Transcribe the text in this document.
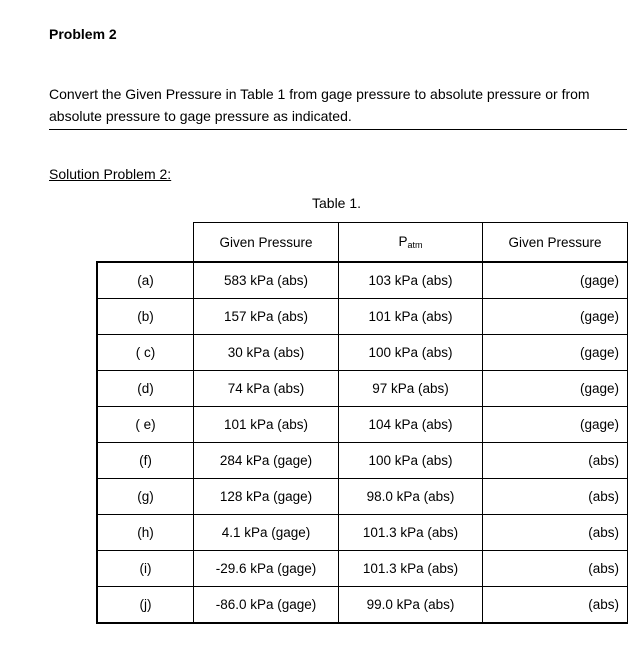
Problem 2
Convert the Given Pressure in Table 1 from gage pressure to absolute pressure or from absolute pressure to gage pressure as indicated.
Solution Problem 2:
Table 1.
	Given Pressure	$P_{atm}$	Given Pressure
(a)	583 kPa (abs)	103 kPa (abs)	(gage)
(b)	157 kPa (abs)	101 kPa (abs)	(gage)
( c)	30 kPa (abs)	100 kPa (abs)	(gage)
(d)	74 kPa (abs)	97 kPa (abs)	(gage)
( e)	101 kPa (abs)	104 kPa (abs)	(gage)
(f)	284 kPa (gage)	100 kPa (abs)	(abs)
(g)	128 kPa (gage)	98.0 kPa (abs)	(abs)
(h)	4.1 kPa (gage)	101.3 kPa (abs)	(abs)
(i)	-29.6 kPa (gage)	101.3 kPa (abs)	(abs)
(j)	-86.0 kPa (gage)	99.0 kPa (abs)	(abs)
